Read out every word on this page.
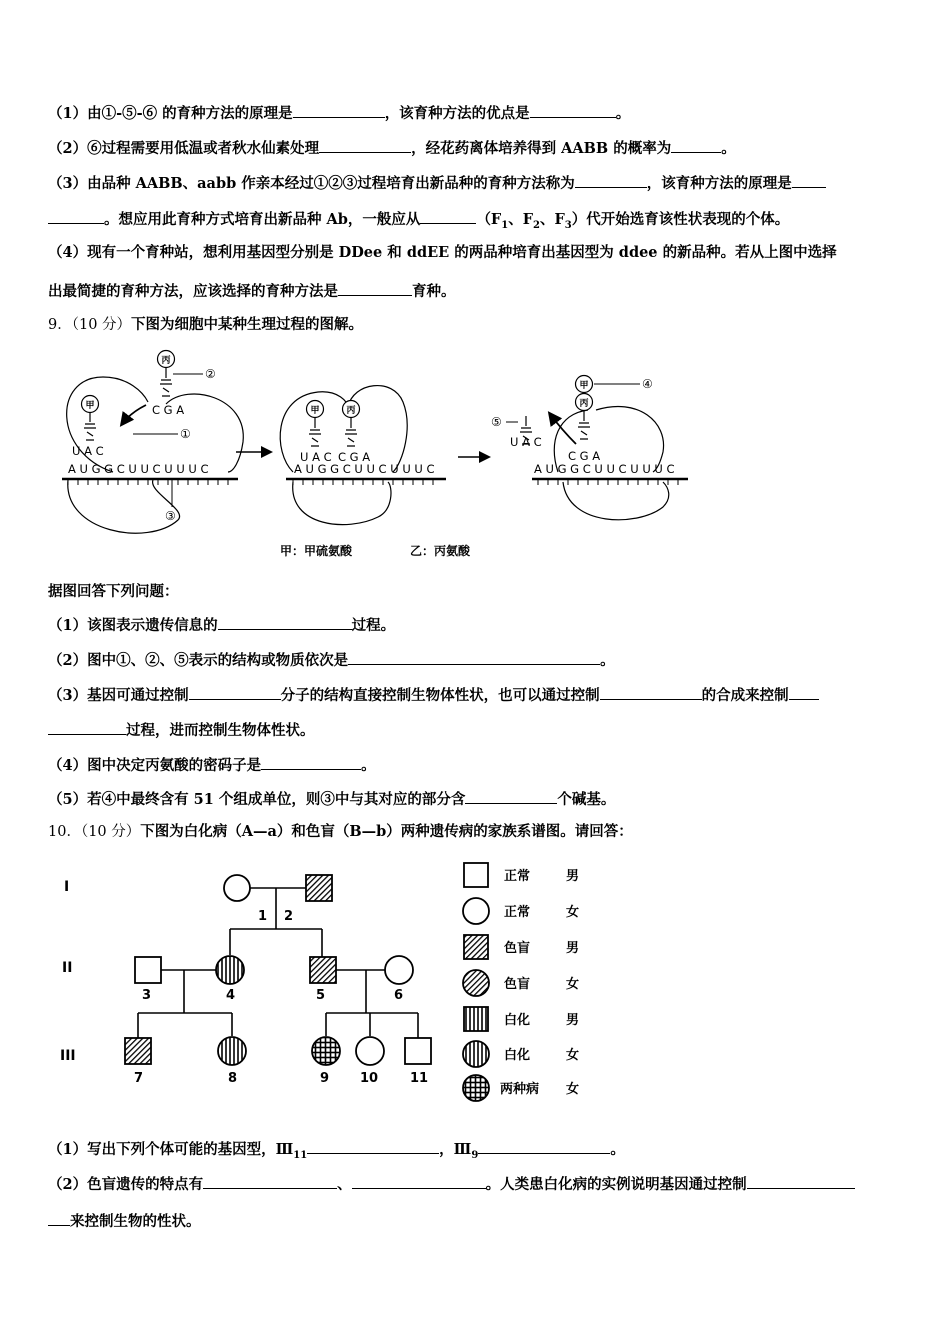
（1）由①-⑤-⑥ 的育种方法的原理是	，该育种方法的优点是	。
（2）⑥过程需要用低温或者秋水仙素处理	，经花药离体培养得到 AABB 的概率为	。
（3）由品种 AABB、aabb 作亲本经过①②③过程培育出新品种的育种方法称为	，该育种方法的原理是
。想应用此育种方式培育出新品种 Ab，一般应从	（$F_1$、$F_2$、$F_3$）代开始选育该性状表现的个体。
（4）现有一个育种站，想利用基因型分别是 DDee 和 ddEE 的两品种培育出基因型为 ddee 的新品种。若从上图中选择
出最简捷的育种方法，应该选择的育种方法是	育种。
9．（10 分）下图为细胞中某种生理过程的图解。
A U G G C U U C U U U C
U A C
甲
①
丙
②
C G A
③
A U G G C U U C U U U C
U A C C G A
甲	丙
A U G G C U U C U U U C
C G A
甲
丙
④
U A C
⑤
甲：甲硫氨酸	乙：丙氨酸
据图回答下列问题：
（1）该图表示遗传信息的	过程。
（2）图中①、②、⑤表示的结构或物质依次是	。
（3）基因可通过控制	分子的结构直接控制生物体性状，也可以通过控制	的合成来控制
过程，进而控制生物体性状。
（4）图中决定丙氨酸的密码子是	。
（5）若④中最终含有 51 个组成单位，则③中与其对应的部分含	个碱基。
10．（10 分）下图为白化病（A—a）和色盲（B—b）两种遗传病的家族系谱图。请回答：
I
II
III
1 2
3	4	5	6
7	8	9 10 11
正常	男
正常	女
色盲	男
色盲	女
白化	男
白化	女
两种病 女
（1）写出下列个体可能的基因型，$Ⅲ_{11}$	，$Ⅲ_9$	。
（2）色盲遗传的特点有	、	。人类患白化病的实例说明基因通过控制
来控制生物的性状。
